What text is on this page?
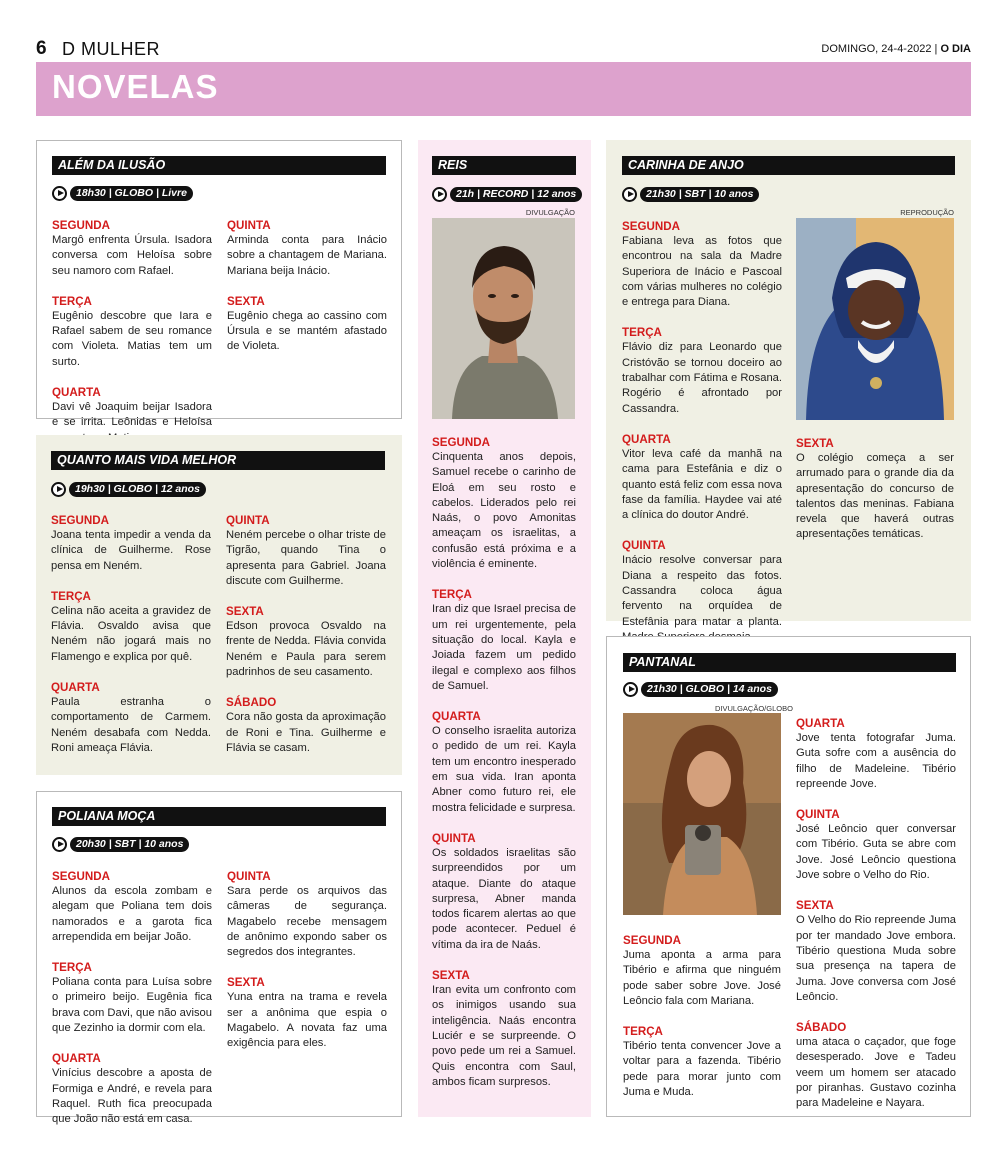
6 D MULHER	DOMINGO, 24-4-2022 | O DIA
NOVELAS
ALÉM DA ILUSÃO
18h30 | GLOBO | Livre
SEGUNDA

Margô enfrenta Úrsula. Isadora conversa com Heloísa sobre seu namoro com Rafael.

TERÇA

Eugênio descobre que Iara e Rafael sabem de seu romance com Violeta. Matias tem um surto.

QUARTA

Davi vê Joaquim beijar Isadora e se irrita. Leônidas e Heloísa

QUINTA

Arminda conta para Inácio sobre a chantagem de Mariana. Mariana beija Inácio.

SEXTA

Eugênio chega ao cassino com Úrsula e se mantém afastado de Violeta.

QUANTO MAIS VIDA MELHOR
19h30 | GLOBO | 12 anos
SEGUNDA

Joana tenta impedir a venda da clínica de Guilherme. Rose pensa em Neném.

TERÇA

Celina não aceita a gravidez de Flávia. Osvaldo avisa que Neném não jogará mais no Flamengo e explica por quê.

QUARTA

Paula estranha o comportamento de Carmem. Neném desabafa com Nedda. Roni ameaça Flávia.

QUINTA

Neném percebe o olhar triste de Tigrão, quando Tina o apresenta para Gabriel. Joana discute com Guilherme.

SEXTA

Edson provoca Osvaldo na frente de Nedda. Flávia convida Neném e Paula para serem padrinhos de seu casamento.

SÁBADO

Cora não gosta da aproximação de Roni e Tina. Guilherme e Flávia se casam.

POLIANA MOÇA
20h30 | SBT | 10 anos
SEGUNDA

Alunos da escola zombam e alegam que Poliana tem dois namorados e a garota fica arrependida em beijar João.

TERÇA

Poliana conta para Luísa sobre o primeiro beijo. Eugênia fica brava com Davi, que não avisou que Zezinho ia dormir com ela.

QUARTA

Vinícius descobre a aposta de Formiga e André, e revela para Raquel. Ruth fica preocupada que João não está em casa.

QUINTA

Sara perde os arquivos das câmeras de segurança. Magabelo recebe mensagem de anônimo expondo saber os segredos dos integrantes.

SEXTA

Yuna entra na trama e revela ser a anônima que espia o Magabelo. A novata faz uma exigência para eles.

REIS
21h | RECORD | 12 anos
DIVULGAÇÃO
SEGUNDA

Cinquenta anos depois, Samuel recebe o carinho de Eloá em seu rosto e cabelos. Liderados pelo rei Naás, o povo Amonitas ameaçam os israelitas, a confusão está próxima e a violência é eminente.

TERÇA

Iran diz que Israel precisa de um rei urgentemente, pela situação do local. Kayla e Joiada fazem um pedido ilegal e complexo aos filhos de Samuel.

QUARTA

O conselho israelita autoriza o pedido de um rei. Kayla tem um encontro inesperado em sua vida. Iran aponta Abner como futuro rei, ele mostra felicidade e surpresa.

QUINTA

Os soldados israelitas são surpreendidos por um ataque. Diante do ataque surpresa, Abner manda todos ficarem alertas ao que pode acontecer. Peduel é vítima da ira de Naás.

SEXTA

Iran evita um confronto com os inimigos usando sua inteligência. Naás encontra Luciér e se surpreende. O povo pede um rei a Samuel. Quis encontra com Saul, ambos ficam surpresos.

CARINHA DE ANJO
21h30 | SBT | 10 anos
REPRODUÇÃO
SEGUNDA

Fabiana leva as fotos que encontrou na sala da Madre Superiora de Inácio e Pascoal com várias mulheres no colégio e entrega para Diana.

TERÇA

Flávio diz para Leonardo que Cristóvão se tornou doceiro ao trabalhar com Fátima e Rosana. Rogério é afrontado por Cassandra.

QUARTA

Vitor leva café da manhã na cama para Estefânia e diz o quanto está feliz com essa nova fase da família. Haydee vai até a clínica do doutor André.

QUINTA

Inácio resolve conversar para Diana a respeito das fotos. Cassandra coloca água fervento na orquídea de Estefânia para matar a planta.

SEXTA

O colégio começa a ser arrumado para o grande dia da apresentação do concurso de talentos das meninas. Fabiana revela que haverá outras apresentações temáticas.

PANTANAL
21h30 | GLOBO | 14 anos
DIVULGAÇÃO/GLOBO
SEGUNDA

Juma aponta a arma para Tibério e afirma que ninguém pode saber sobre Jove. José Leôncio fala com Mariana.

TERÇA

Tibério tenta convencer Jove a voltar para a fazenda. Tibério pede para morar junto com Juma e Muda.

QUARTA

Jove tenta fotografar Juma. Guta sofre com a ausência do filho de Madeleine. Tibério repreende Jove.

QUINTA

José Leôncio quer conversar com Tibério. Guta se abre com Jove. José Leôncio questiona Jove sobre o Velho do Rio.

SEXTA

O Velho do Rio repreende Juma por ter mandado Jove embora. Tibério questiona Muda sobre sua presença na tapera de Juma. Jove conversa com José Leôncio.

SÁBADO

uma ataca o caçador, que foge desesperado. Jove e Tadeu veem um homem ser atacado por piranhas. Gustavo cozinha para Madeleine e Nayara.
